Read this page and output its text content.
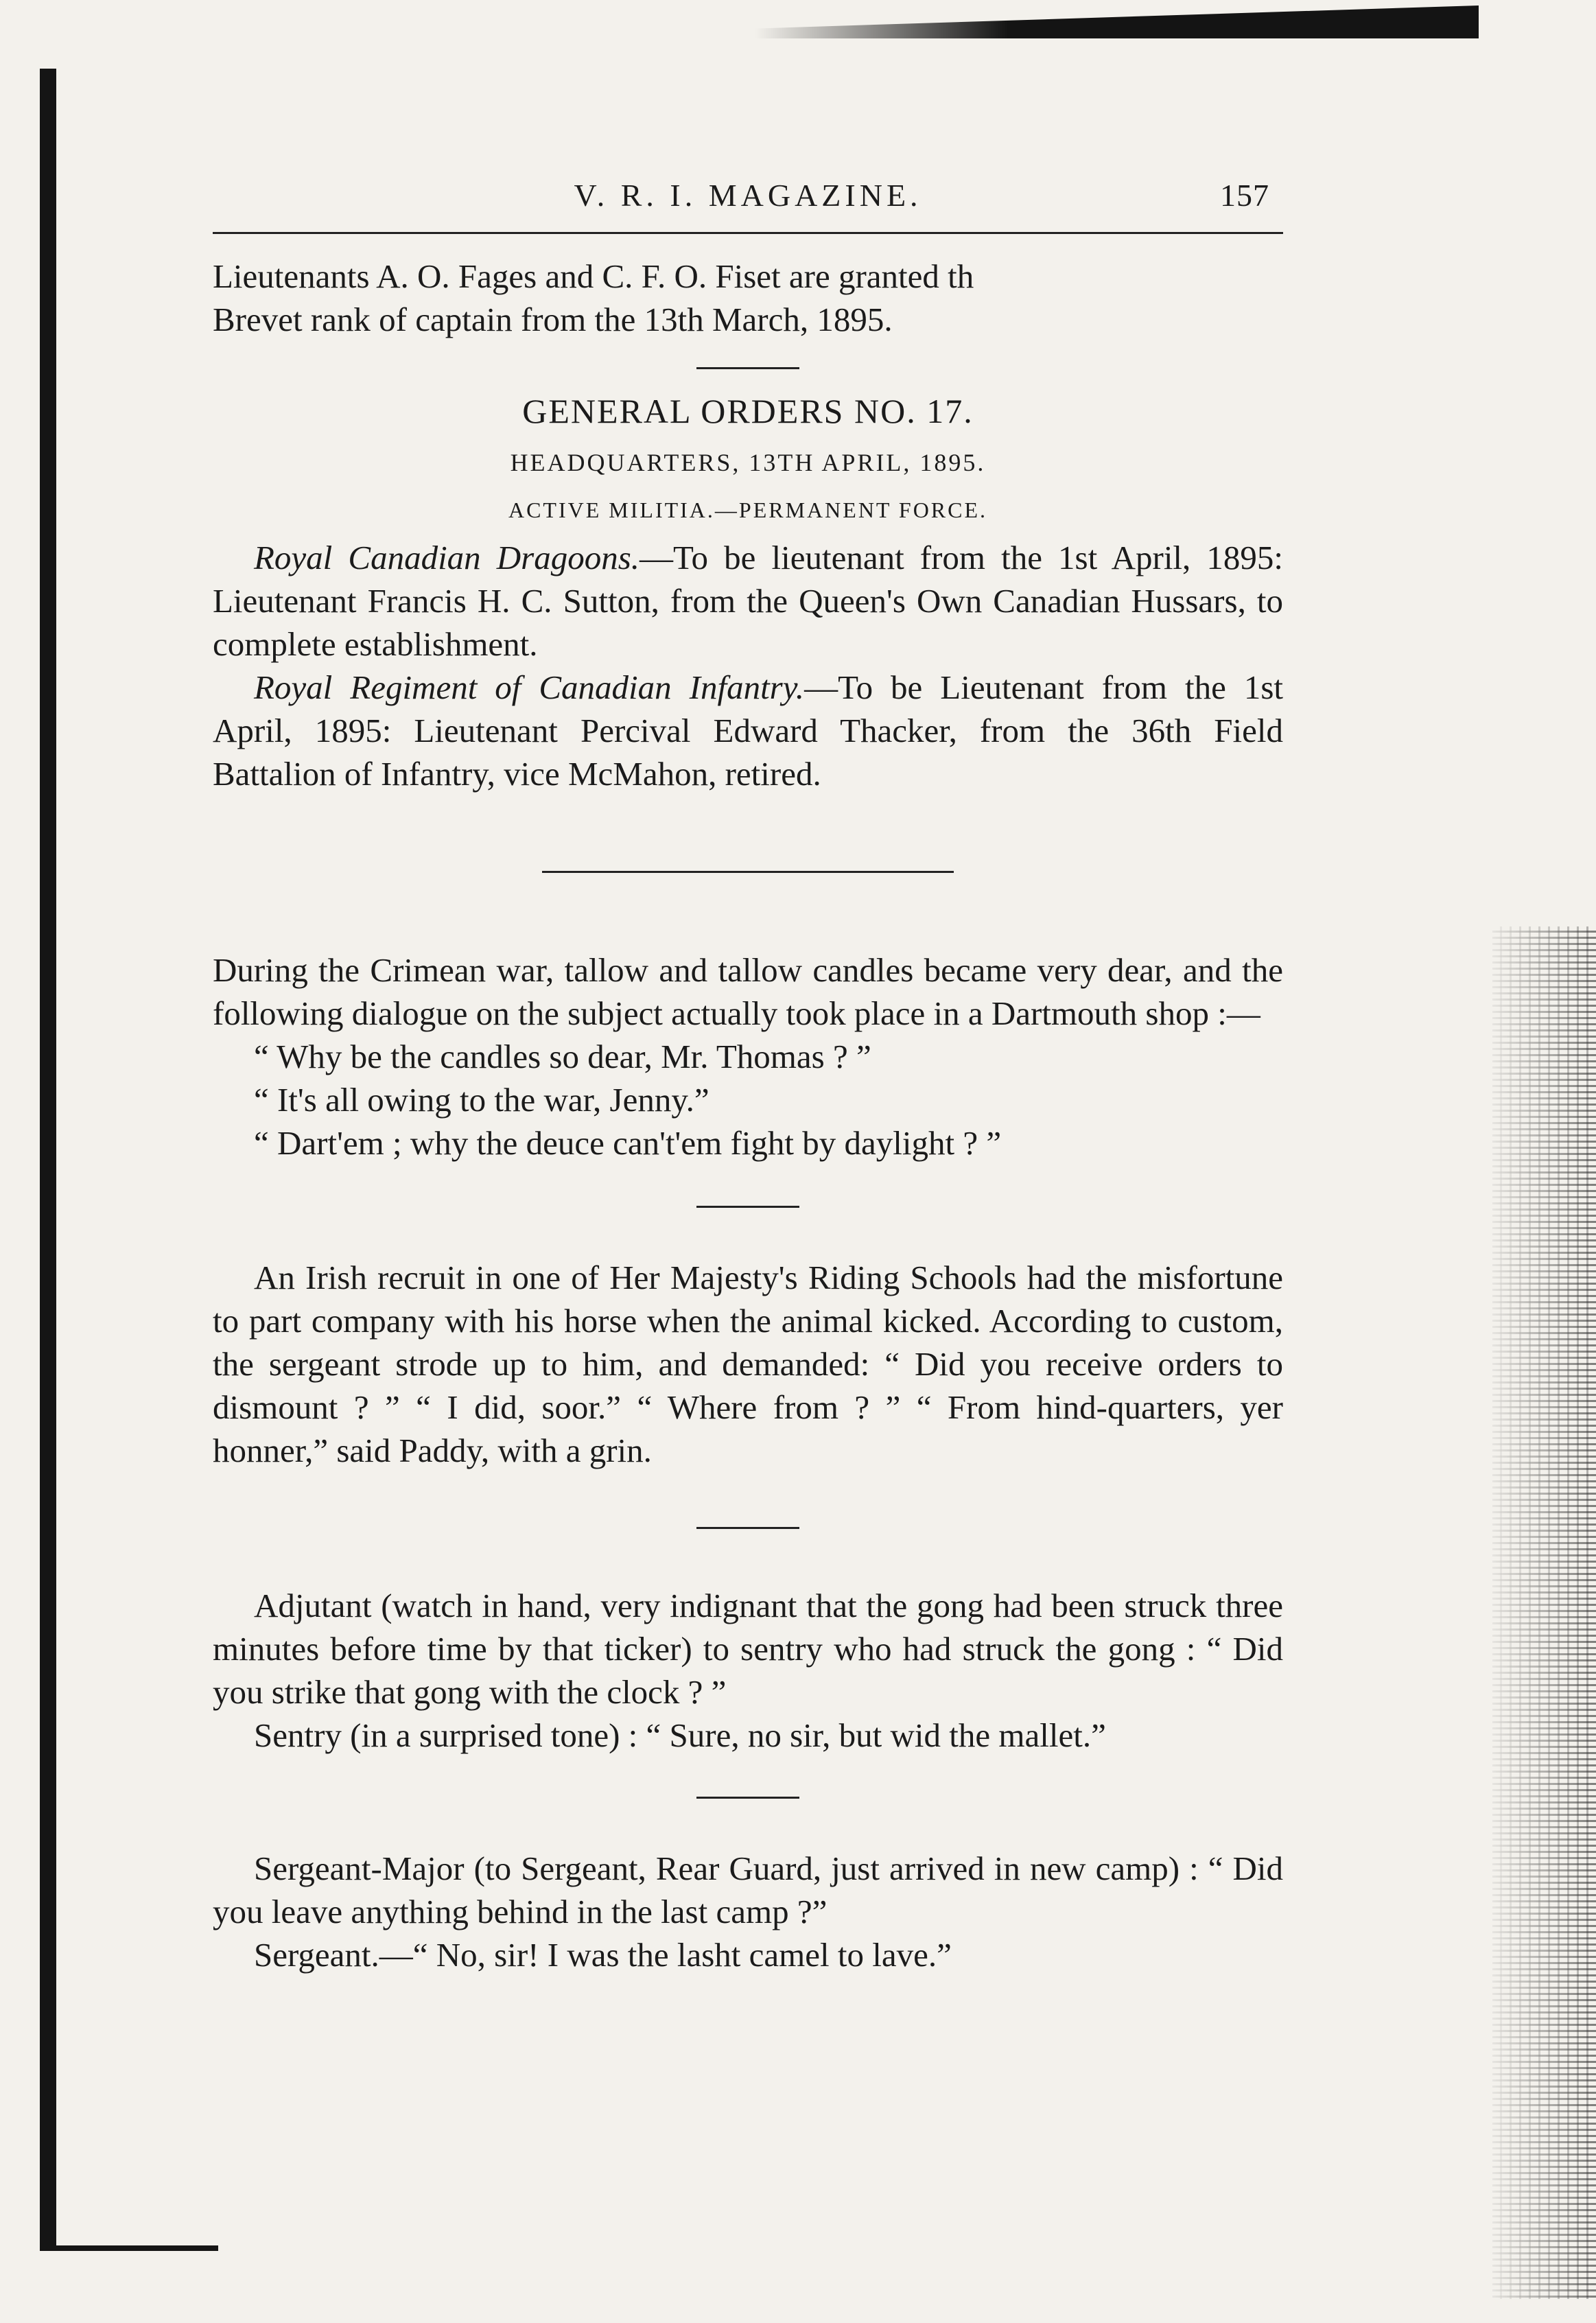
V. R. I. MAGAZINE.	157

Lieutenants A. O. Fages and C. F. O. Fiset are granted th

Brevet rank of captain from the 13th March, 1895.

GENERAL ORDERS NO. 17.

HEADQUARTERS, 13TH APRIL, 1895.

ACTIVE MILITIA.—PERMANENT FORCE.

Royal Canadian Dragoons.—To be lieutenant from the 1st April, 1895: Lieutenant Francis H. C. Sutton, from the Queen's Own Canadian Hussars, to complete establishment.

Royal Regiment of Canadian Infantry.—To be Lieutenant from the 1st April, 1895: Lieutenant Percival Edward Thacker, from the 36th Field Battalion of Infantry, vice McMahon, retired.

During the Crimean war, tallow and tallow candles became very dear, and the following dialogue on the subject actually took place in a Dartmouth shop :—

“ Why be the candles so dear, Mr. Thomas ? ”

“ It's all owing to the war, Jenny.”

“ Dart'em ; why the deuce can't'em fight by daylight ? ”

An Irish recruit in one of Her Majesty's Riding Schools had the misfortune to part company with his horse when the animal kicked. According to custom, the sergeant strode up to him, and demanded: “ Did you receive orders to dismount ? ” “ I did, soor.” “ Where from ? ” “ From hind-quarters, yer honner,” said Paddy, with a grin.

Adjutant (watch in hand, very indignant that the gong had been struck three minutes before time by that ticker) to sentry who had struck the gong : “ Did you strike that gong with the clock ? ”

Sentry (in a surprised tone) : “ Sure, no sir, but wid the mallet.”

Sergeant-Major (to Sergeant, Rear Guard, just arrived in new camp) : “ Did you leave anything behind in the last camp ?”

Sergeant.—“ No, sir! I was the lasht camel to lave.”
